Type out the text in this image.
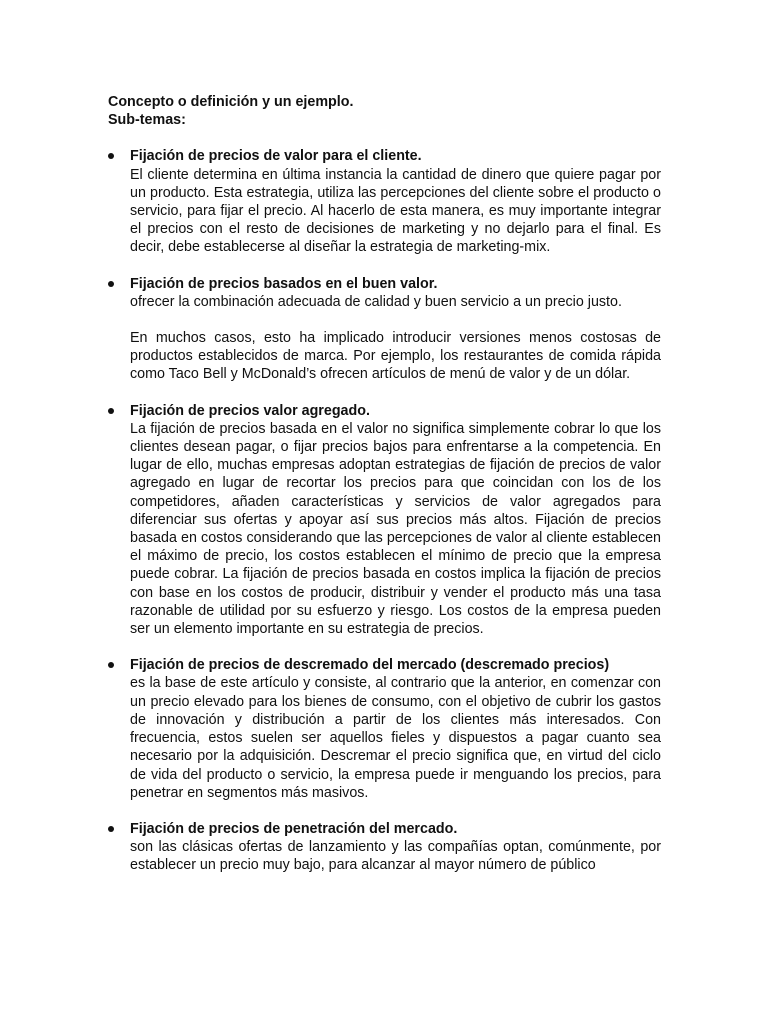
Concepto o definición y un ejemplo.

Sub-temas:

Fijación de precios de valor para el cliente.

El cliente determina en última instancia la cantidad de dinero que quiere pagar por un producto. Esta estrategia, utiliza las percepciones del cliente sobre el producto o servicio, para fijar el precio. Al hacerlo de esta manera, es muy importante integrar el precios con el resto de decisiones de marketing y no dejarlo para el final. Es decir, debe establecerse al diseñar la estrategia de marketing-mix.

Fijación de precios basados en el buen valor.

ofrecer la combinación adecuada de calidad y buen servicio a un precio justo.

En muchos casos, esto ha implicado introducir versiones menos costosas de productos establecidos de marca. Por ejemplo, los restaurantes de comida rápida como Taco Bell y McDonald’s ofrecen artículos de menú de valor y de un dólar.

Fijación de precios valor agregado.

La fijación de precios basada en el valor no significa simplemente cobrar lo que los clientes desean pagar, o fijar precios bajos para enfrentarse a la competencia. En lugar de ello, muchas empresas adoptan estrategias de fijación de precios de valor agregado en lugar de recortar los precios para que coincidan con los de los competidores, añaden características y servicios de valor agregados para diferenciar sus ofertas y apoyar así sus precios más altos. Fijación de precios basada en costos considerando que las percepciones de valor al cliente establecen el máximo de precio, los costos establecen el mínimo de precio que la empresa puede cobrar. La fijación de precios basada en costos implica la fijación de precios con base en los costos de producir, distribuir y vender el producto más una tasa razonable de utilidad por su esfuerzo y riesgo. Los costos de la empresa pueden ser un elemento importante en su estrategia de precios.

Fijación de precios de descremado del mercado (descremado precios)

es la base de este artículo y consiste, al contrario que la anterior, en comenzar con un precio elevado para los bienes de consumo, con el objetivo de cubrir los gastos de innovación y distribución a partir de los clientes más interesados. Con frecuencia, estos suelen ser aquellos fieles y dispuestos a pagar cuanto sea necesario por la adquisición. Descremar el precio significa que, en virtud del ciclo de vida del producto o servicio, la empresa puede ir menguando los precios, para penetrar en segmentos más masivos.

Fijación de precios de penetración del mercado.

son las clásicas ofertas de lanzamiento y las compañías optan, comúnmente, por establecer un precio muy bajo, para alcanzar al mayor número de público
